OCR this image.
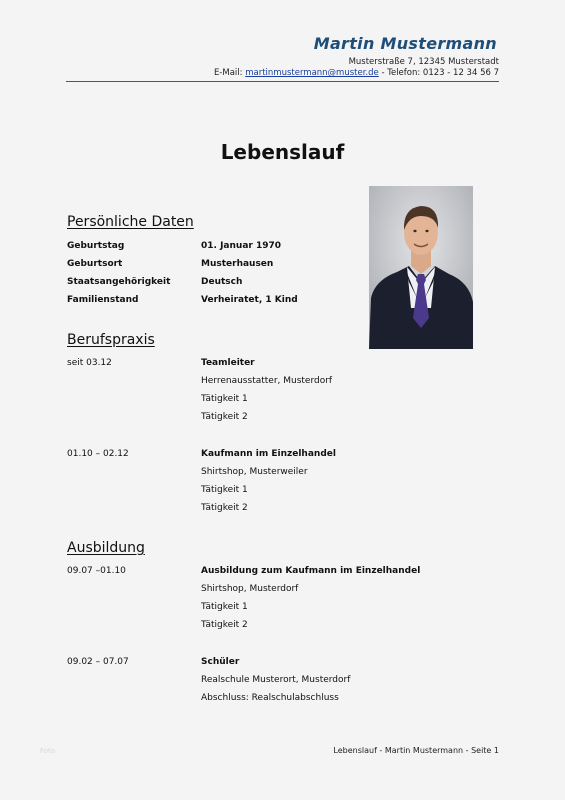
Martin Mustermann
Musterstraße 7, 12345 Musterstadt
E-Mail: martinmustermann@muster.de - Telefon: 0123 - 12 34 56 7
Lebenslauf
Persönliche Daten
Geburtstag	01. Januar 1970
Geburtsort	Musterhausen
Staatsangehörigkeit	Deutsch
Familienstand	Verheiratet, 1 Kind
Berufspraxis
seit 03.12	Teamleiter
Herrenausstatter, Musterdorf
Tätigkeit 1
Tätigkeit 2
01.10 – 02.12	Kaufmann im Einzelhandel
Shirtshop, Musterweiler
Tätigkeit 1
Tätigkeit 2
Ausbildung
09.07 –01.10	Ausbildung zum Kaufmann im Einzelhandel
Shirtshop, Musterdorf
Tätigkeit 1
Tätigkeit 2
09.02 – 07.07	Schüler
Realschule Musterort, Musterdorf
Abschluss: Realschulabschluss
Foto	Lebenslauf - Martin Mustermann - Seite 1
